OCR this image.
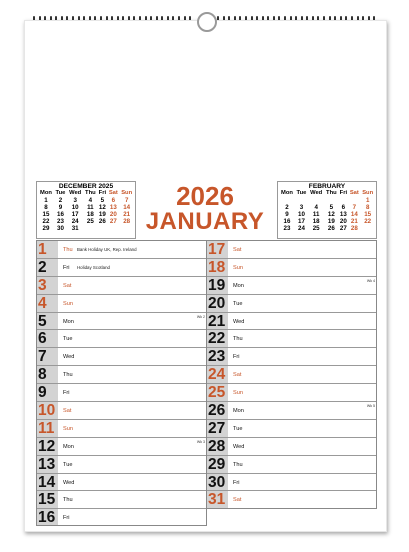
DECEMBER 2025
Mon	Tue	Wed	Thu	Fri	Sat	Sun
1	2	3	4	5	6	7
8	9	10	11	12	13	14
15	16	17	18	19	20	21
22	23	24	25	26	27	28
29	30	31				
2026
JANUARY
FEBRUARY
Mon	Tue	Wed	Thu	Fri	Sat	Sun
						1
2	3	4	5	6	7	8
9	10	11	12	13	14	15
16	17	18	19	20	21	22
23	24	25	26	27	28	
1	Thu Bank Holiday UK, Rep. Ireland
2	Fri Holiday Scotland
3	Sat
4	Sun
5	Mon
Wk 2
6	Tue
7	Wed
8	Thu
9	Fri
10	Sat
11	Sun
12	Mon
Wk 3
13	Tue
14	Wed
15	Thu
16	Fri
17	Sat
18	Sun
19	Mon
Wk 4
20	Tue
21	Wed
22	Thu
23	Fri
24	Sat
25	Sun
26	Mon
Wk 5
27	Tue
28	Wed
29	Thu
30	Fri
31	Sat
